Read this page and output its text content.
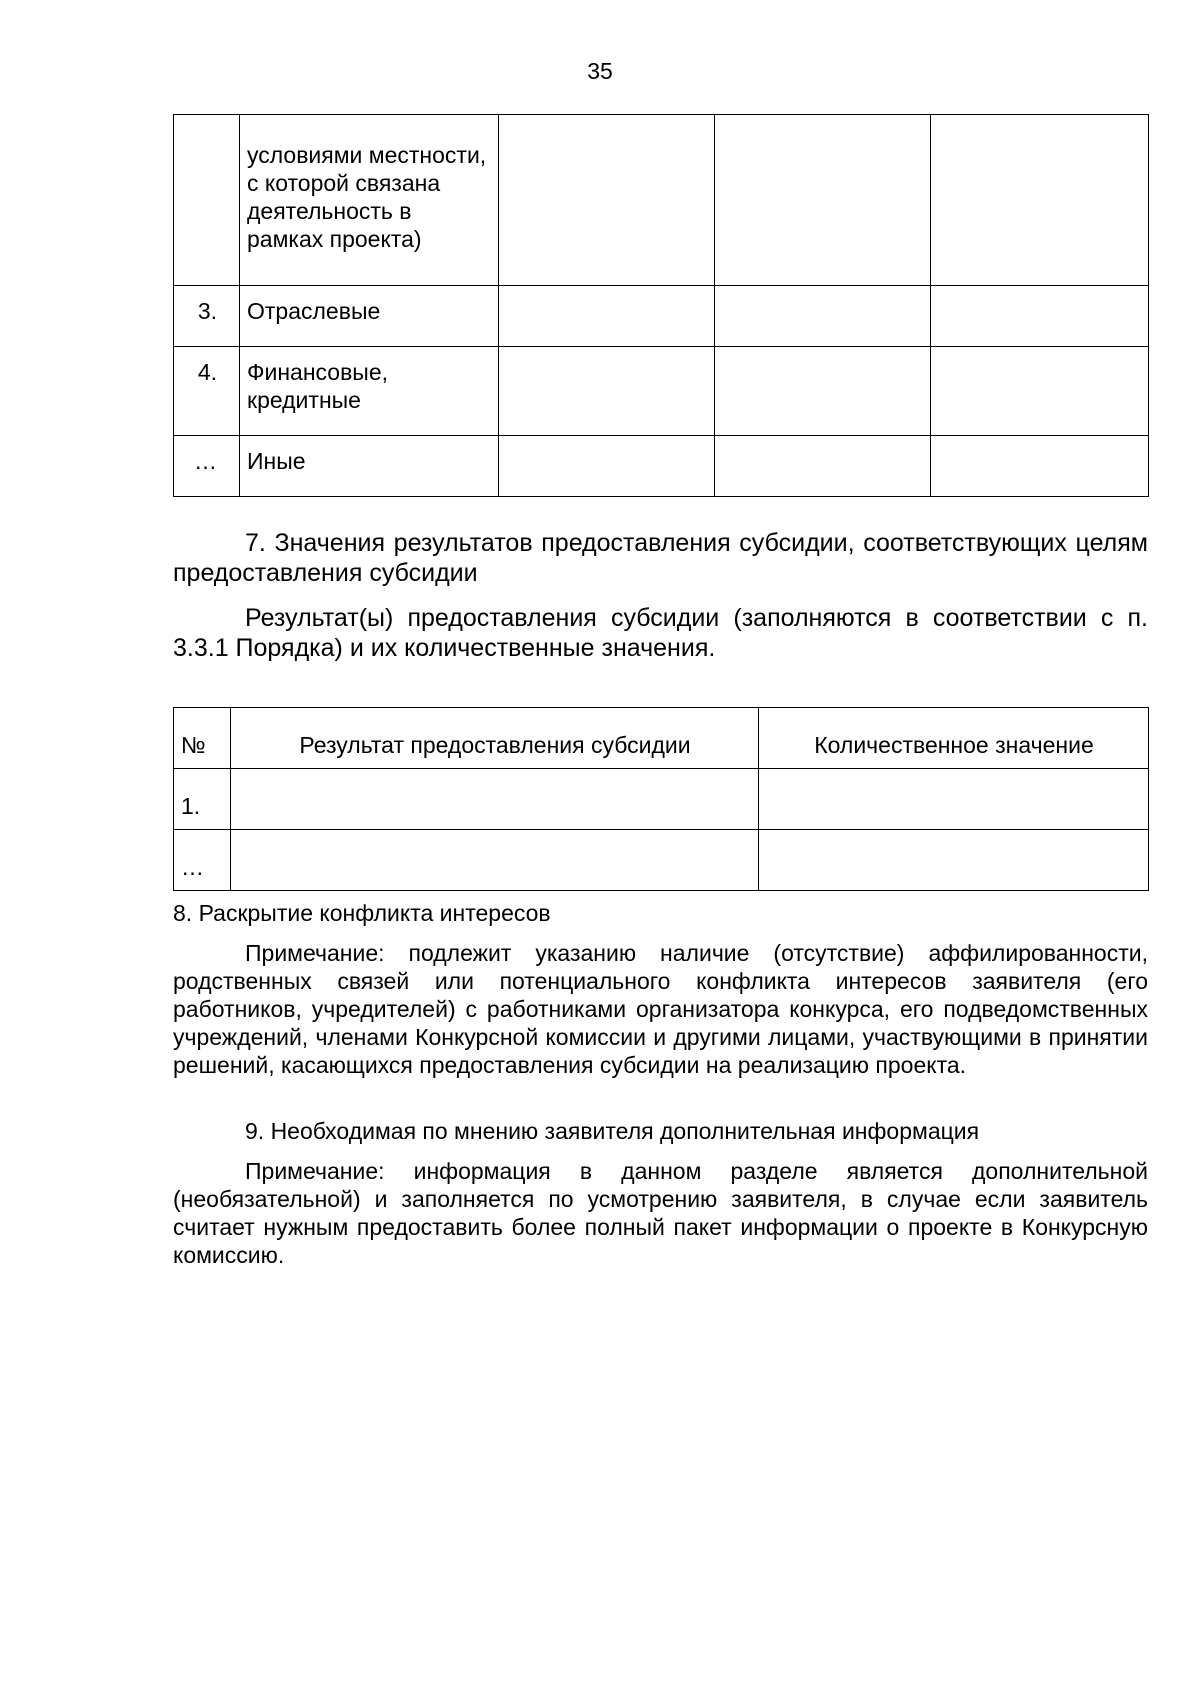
35
	условиями местности, с которой связана деятельность в рамках проекта)			
3.	Отраслевые			
4.	Финансовые, кредитные			
…	Иные			
7. Значения результатов предоставления субсидии, соответствующих целям предоставления субсидии
Результат(ы) предоставления субсидии (заполняются в соответствии с п. 3.3.1 Порядка) и их количественные значения.
№	Результат предоставления субсидии	Количественное значение
1.		
…		
8. Раскрытие конфликта интересов
Примечание: подлежит указанию наличие (отсутствие) аффилированности, родственных связей или потенциального конфликта интересов заявителя (его работников, учредителей) с работниками организатора конкурса, его подведомственных учреждений, членами Конкурсной комиссии и другими лицами, участвующими в принятии решений, касающихся предоставления субсидии на реализацию проекта.
9. Необходимая по мнению заявителя дополнительная информация
Примечание: информация в данном разделе является дополнительной (необязательной) и заполняется по усмотрению заявителя, в случае если заявитель считает нужным предоставить более полный пакет информации о проекте в Конкурсную комиссию.
